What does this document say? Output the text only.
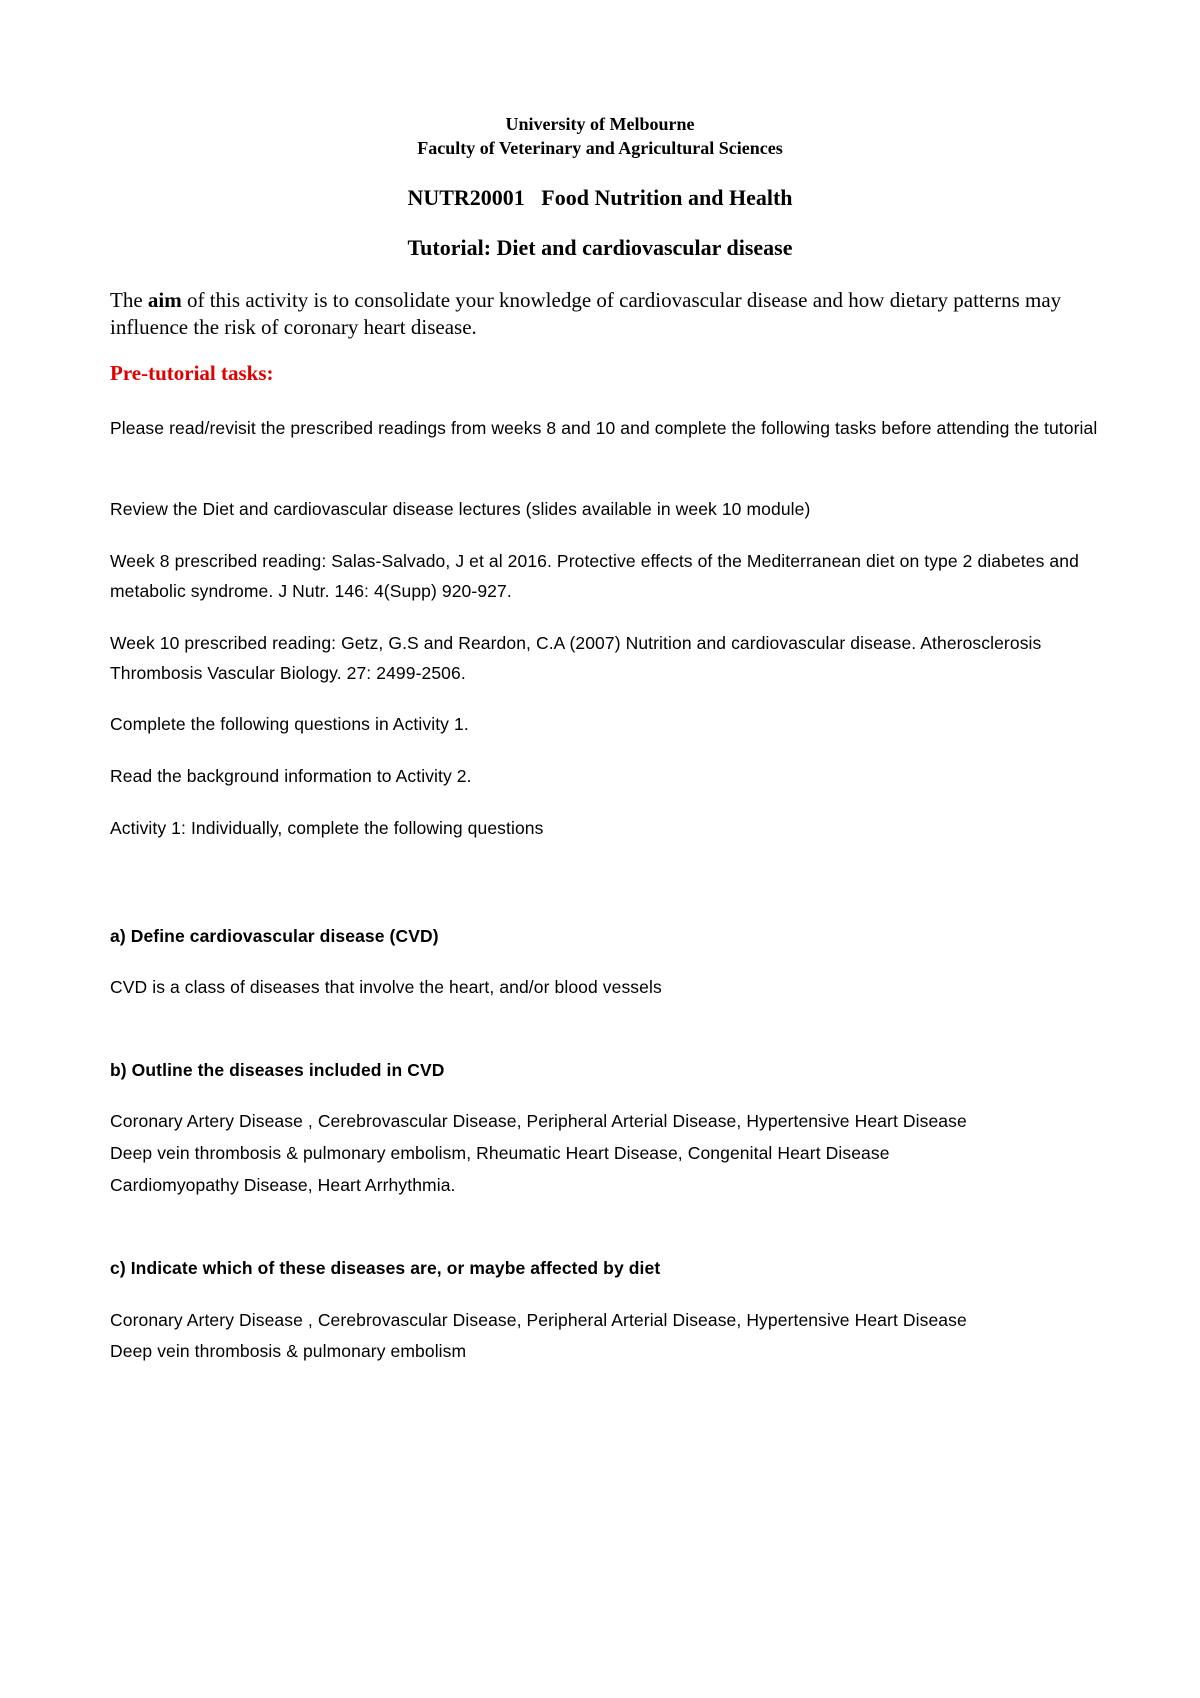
University of Melbourne
Faculty of Veterinary and Agricultural Sciences
NUTR20001   Food Nutrition and Health
Tutorial: Diet and cardiovascular disease
The aim of this activity is to consolidate your knowledge of cardiovascular disease and how dietary patterns may influence the risk of coronary heart disease.
Pre-tutorial tasks:
Please read/revisit the prescribed readings from weeks 8 and 10 and complete the following tasks before attending the tutorial
Review the Diet and cardiovascular disease lectures (slides available in week 10 module)
Week 8 prescribed reading: Salas-Salvado, J et al 2016. Protective effects of the Mediterranean diet on type 2 diabetes and metabolic syndrome. J Nutr. 146: 4(Supp) 920-927.
Week 10 prescribed reading: Getz, G.S and Reardon, C.A (2007) Nutrition and cardiovascular disease. Atherosclerosis Thrombosis Vascular Biology. 27: 2499-2506.
Complete the following questions in Activity 1.
Read the background information to Activity 2.
Activity 1: Individually, complete the following questions
a) Define cardiovascular disease (CVD)
CVD is a class of diseases that involve the heart, and/or blood vessels
b) Outline the diseases included in CVD
Coronary Artery Disease , Cerebrovascular Disease, Peripheral Arterial Disease, Hypertensive Heart Disease
Deep vein thrombosis & pulmonary embolism, Rheumatic Heart Disease, Congenital Heart Disease
Cardiomyopathy Disease, Heart Arrhythmia.
c) Indicate which of these diseases are, or maybe affected by diet
Coronary Artery Disease , Cerebrovascular Disease, Peripheral Arterial Disease, Hypertensive Heart Disease
Deep vein thrombosis & pulmonary embolism
